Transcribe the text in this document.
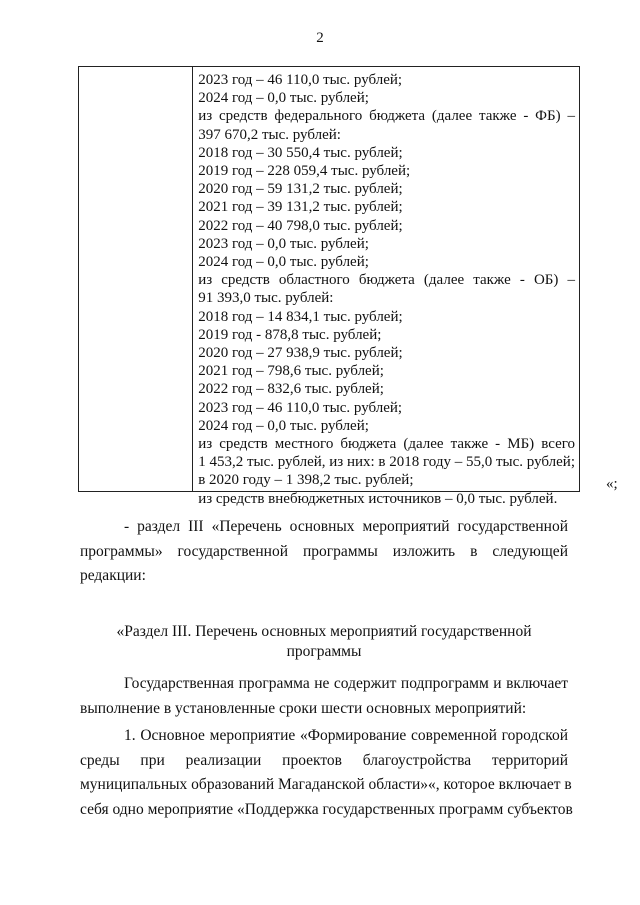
2
2023 год – 46 110,0 тыс. рублей;
2024 год – 0,0 тыс. рублей;
из средств федерального бюджета (далее также - ФБ) –
397 670,2 тыс. рублей:
2018 год – 30 550,4 тыс. рублей;
2019 год – 228 059,4 тыс. рублей;
2020 год – 59 131,2 тыс. рублей;
2021 год – 39 131,2 тыс. рублей;
2022 год – 40 798,0 тыс. рублей;
2023 год – 0,0 тыс. рублей;
2024 год – 0,0 тыс. рублей;
из средств областного бюджета (далее также - ОБ) –
91 393,0 тыс. рублей:
2018 год – 14 834,1 тыс. рублей;
2019 год - 878,8 тыс. рублей;
2020 год – 27 938,9 тыс. рублей;
2021 год – 798,6 тыс. рублей;
2022 год – 832,6 тыс. рублей;
2023 год – 46 110,0 тыс. рублей;
2024 год – 0,0 тыс. рублей;
из средств местного бюджета (далее также - МБ) всего
1 453,2 тыс. рублей, из них: в 2018 году – 55,0 тыс. рублей;
в 2020 году – 1 398,2 тыс. рублей;
из средств внебюджетных источников – 0,0 тыс. рублей.
«;
- раздел III «Перечень основных мероприятий государственной
программы» государственной программы изложить в следующей
редакции:
«Раздел III. Перечень основных мероприятий государственной
программы
Государственная программа не содержит подпрограмм и включает
выполнение в установленные сроки шести основных мероприятий:
1. Основное мероприятие «Формирование современной городской
среды при реализации проектов благоустройства территорий
муниципальных образований Магаданской области»«, которое включает в
себя одно мероприятие «Поддержка государственных программ субъектов
